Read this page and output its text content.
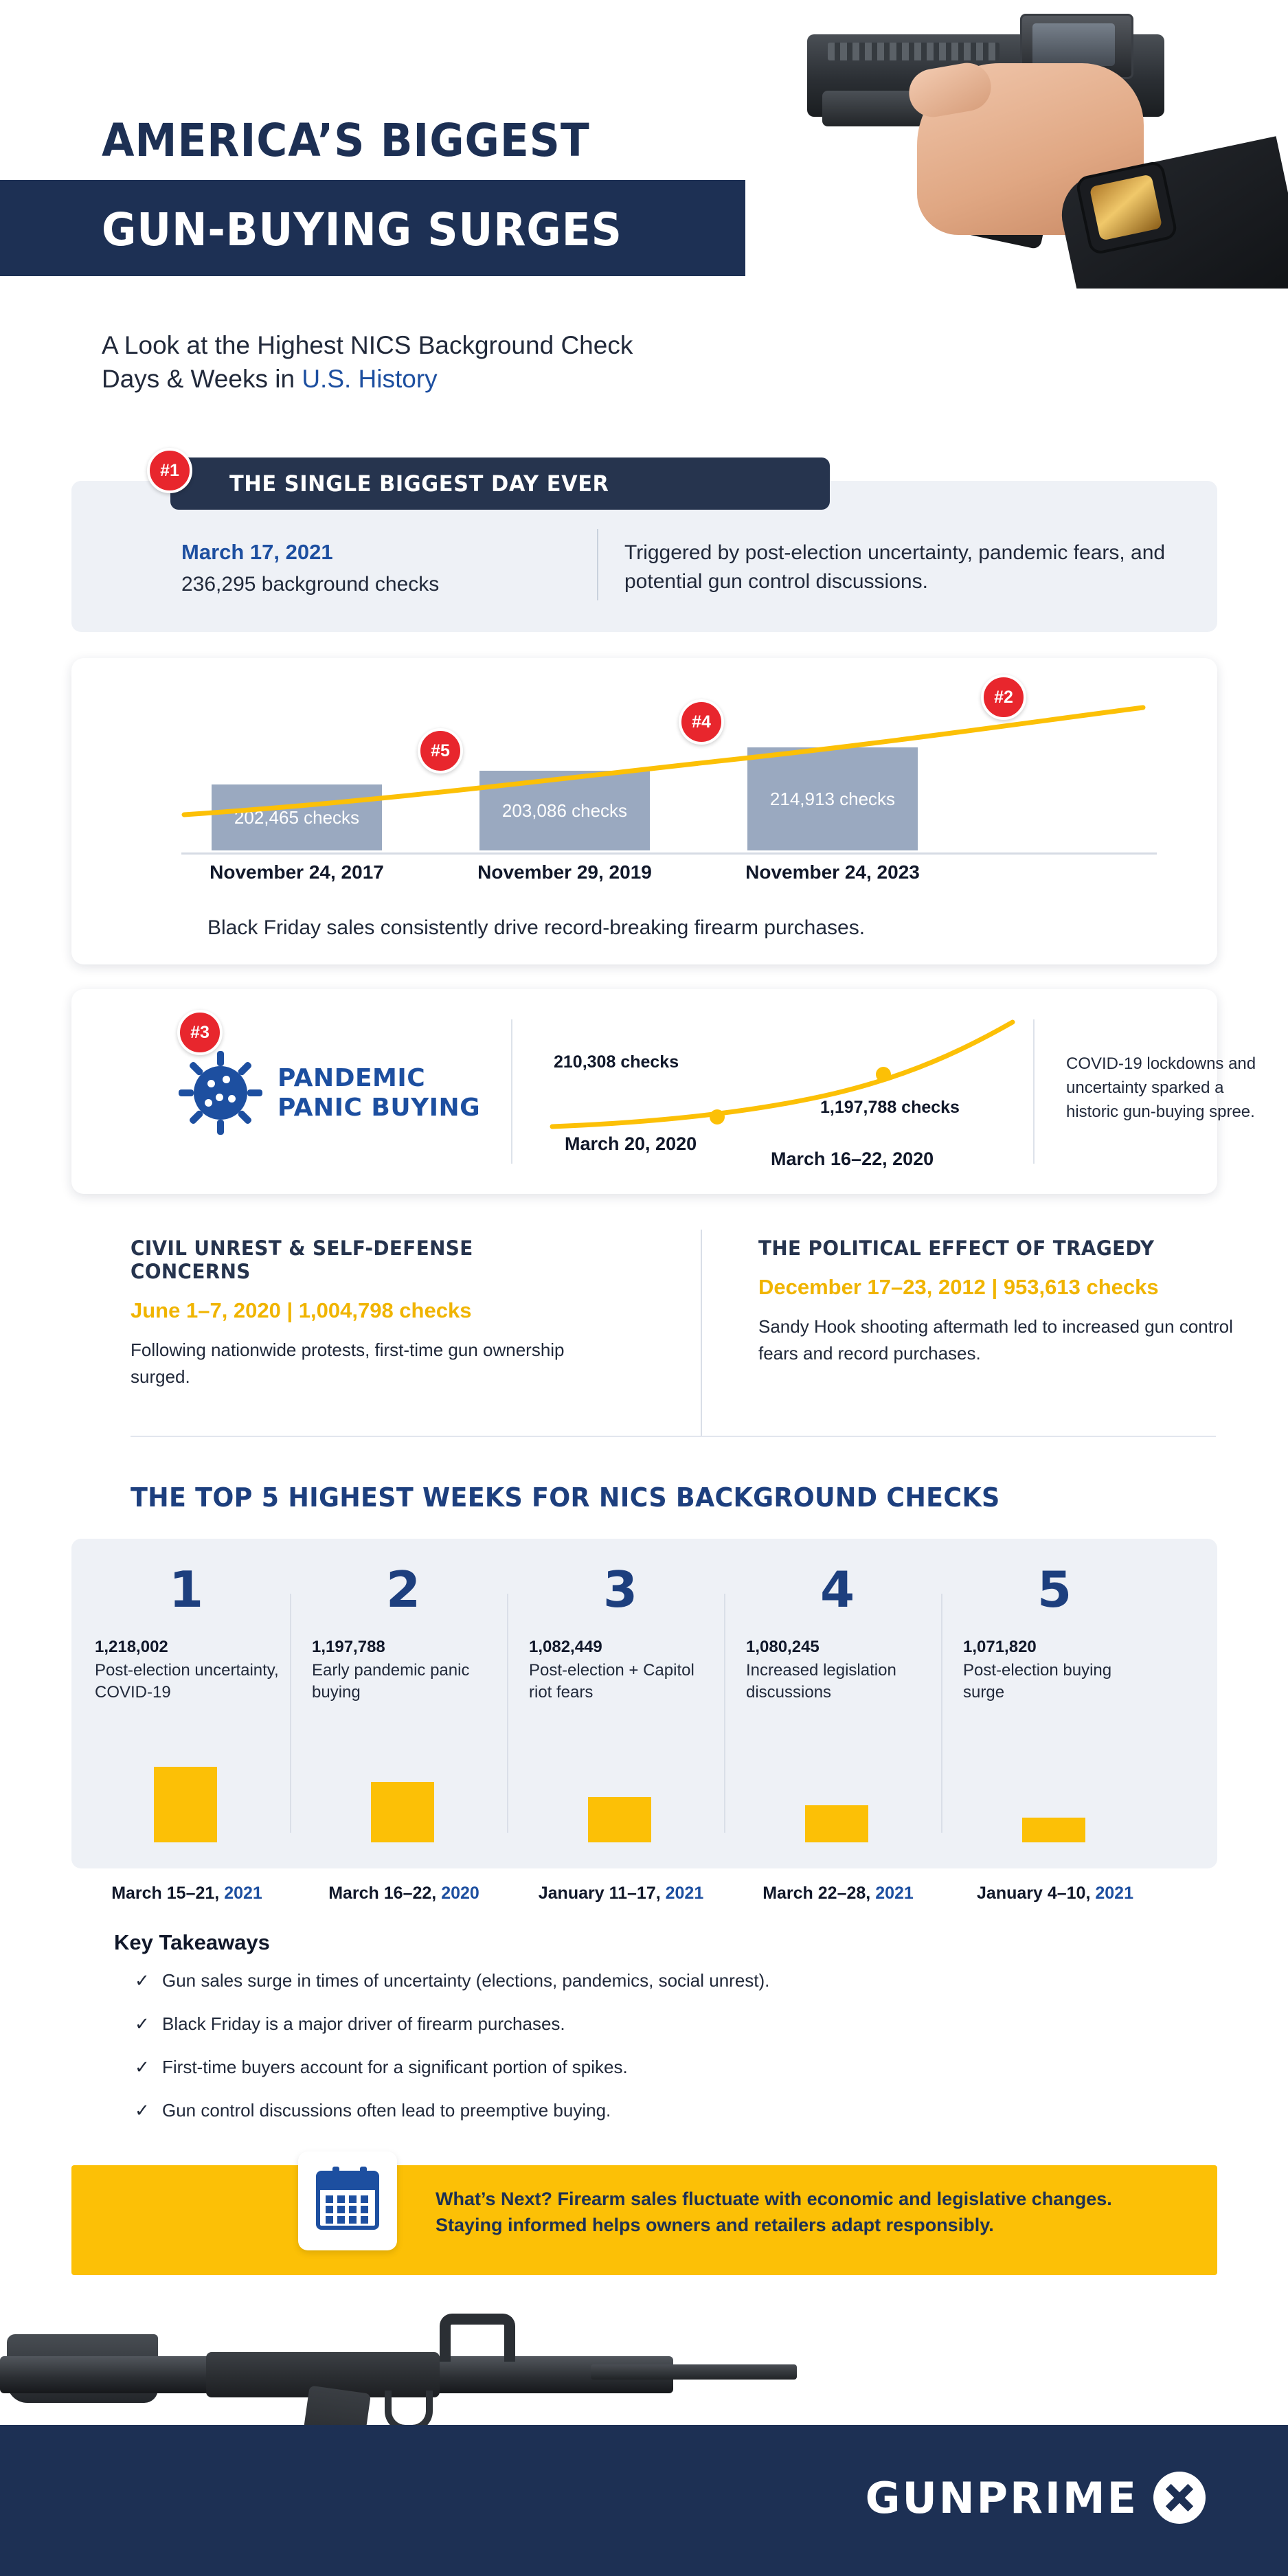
AMERICA’S BIGGEST
GUN-BUYING SURGES
A Look at the Highest NICS Background Check
Days & Weeks in U.S. History
THE SINGLE BIGGEST DAY EVER
#1
March 17, 2021
236,295 background checks
Triggered by post-election uncertainty, pandemic fears, and potential gun control discussions.
202,465 checks	203,086 checks
214,913 checks
November 24, 2017	November 29, 2019	November 24, 2023
Black Friday sales consistently drive record-breaking firearm purchases.
#5
#4
#2
PANDEMIC
PANIC BUYING
210,308 checks
1,197,788 checks
March 20, 2020
March 16–22, 2020
COVID-19 lockdowns and uncertainty sparked a historic gun-buying spree.
#3
CIVIL UNREST & SELF-DEFENSE CONCERNS
June 1–7, 2020 | 1,004,798 checks
Following nationwide protests, first-time gun ownership surged.
THE POLITICAL EFFECT OF TRAGEDY
December 17–23, 2012 | 953,613 checks
Sandy Hook shooting aftermath led to increased gun control fears and record purchases.
THE TOP 5 HIGHEST WEEKS FOR NICS BACKGROUND CHECKS
1
1,218,002
Post-election uncertainty, COVID-19
2
1,197,788
Early pandemic panic buying
3
1,082,449
Post-election + Capitol riot fears
4
1,080,245
Increased legislation discussions
5
1,071,820
Post-election buying surge
March 15–21, 2021	March 16–22, 2020	January 11–17, 2021	March 22–28, 2021	January 4–10, 2021
Key Takeaways
✓ Gun sales surge in times of uncertainty (elections, pandemics, social unrest).
✓ Black Friday is a major driver of firearm purchases.
✓ First-time buyers account for a significant portion of spikes.
✓ Gun control discussions often lead to preemptive buying.
What’s Next? Firearm sales fluctuate with economic and legislative changes. Staying informed helps owners and retailers adapt responsibly.
GUNPRIME
